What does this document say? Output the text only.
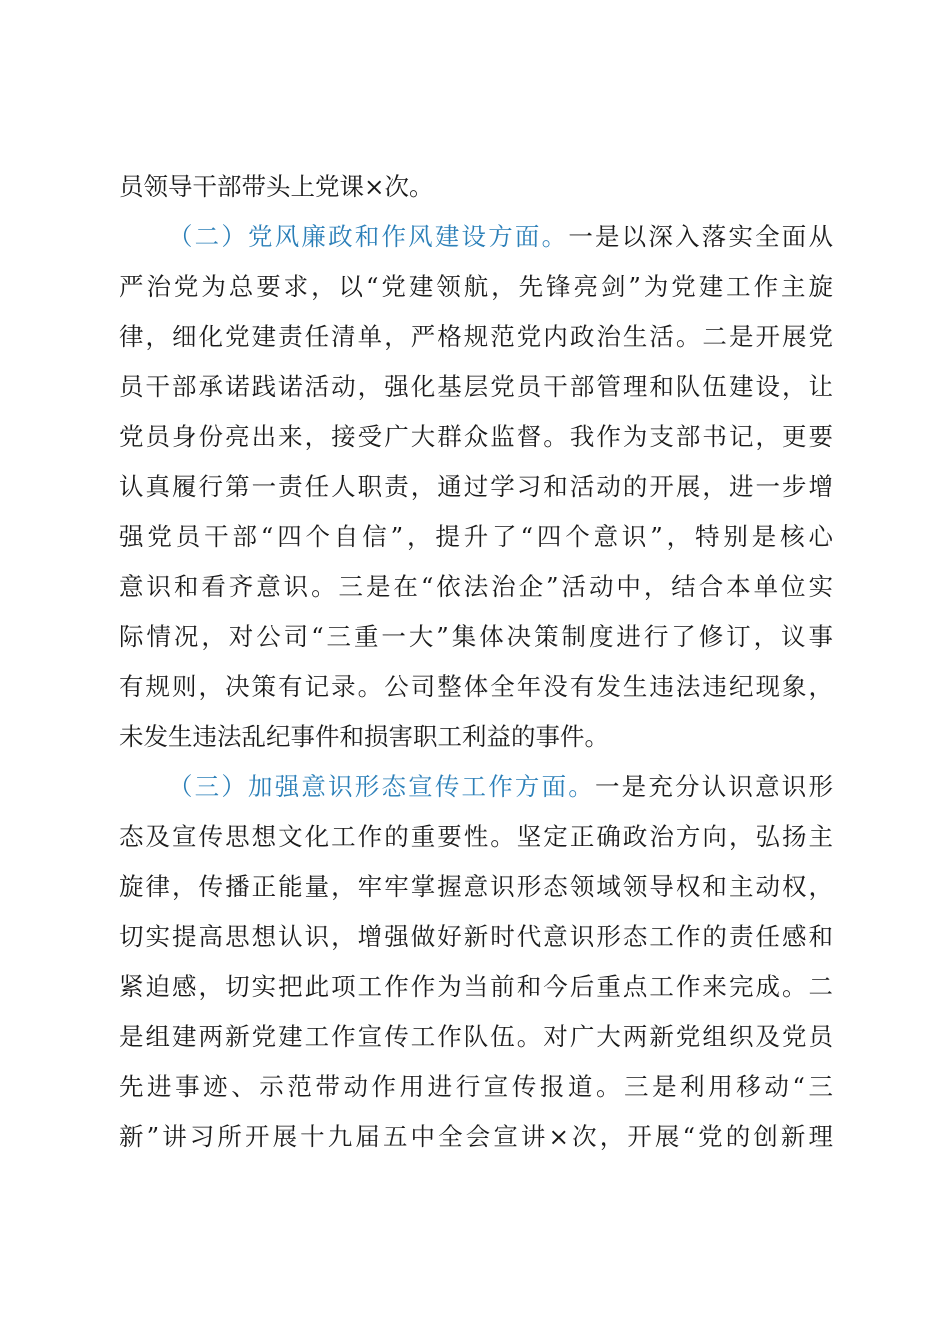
员领导干部带头上党课×次。
（二）党风廉政和作风建设方面。一是以深入落实全面从
严治党为总要求，以“党建领航，先锋亮剑”为党建工作主旋
律，细化党建责任清单，严格规范党内政治生活。二是开展党
员干部承诺践诺活动，强化基层党员干部管理和队伍建设，让
党员身份亮出来，接受广大群众监督。我作为支部书记，更要
认真履行第一责任人职责，通过学习和活动的开展，进一步增
强党员干部“四个自信”，提升了“四个意识”，特别是核心
意识和看齐意识。三是在“依法治企”活动中，结合本单位实
际情况，对公司“三重一大”集体决策制度进行了修订，议事
有规则，决策有记录。公司整体全年没有发生违法违纪现象，
未发生违法乱纪事件和损害职工利益的事件。
（三）加强意识形态宣传工作方面。一是充分认识意识形
态及宣传思想文化工作的重要性。坚定正确政治方向，弘扬主
旋律，传播正能量，牢牢掌握意识形态领域领导权和主动权，
切实提高思想认识，增强做好新时代意识形态工作的责任感和
紧迫感，切实把此项工作作为当前和今后重点工作来完成。二
是组建两新党建工作宣传工作队伍。对广大两新党组织及党员
先进事迹、示范带动作用进行宣传报道。三是利用移动“三
新”讲习所开展十九届五中全会宣讲×次，开展“党的创新理
